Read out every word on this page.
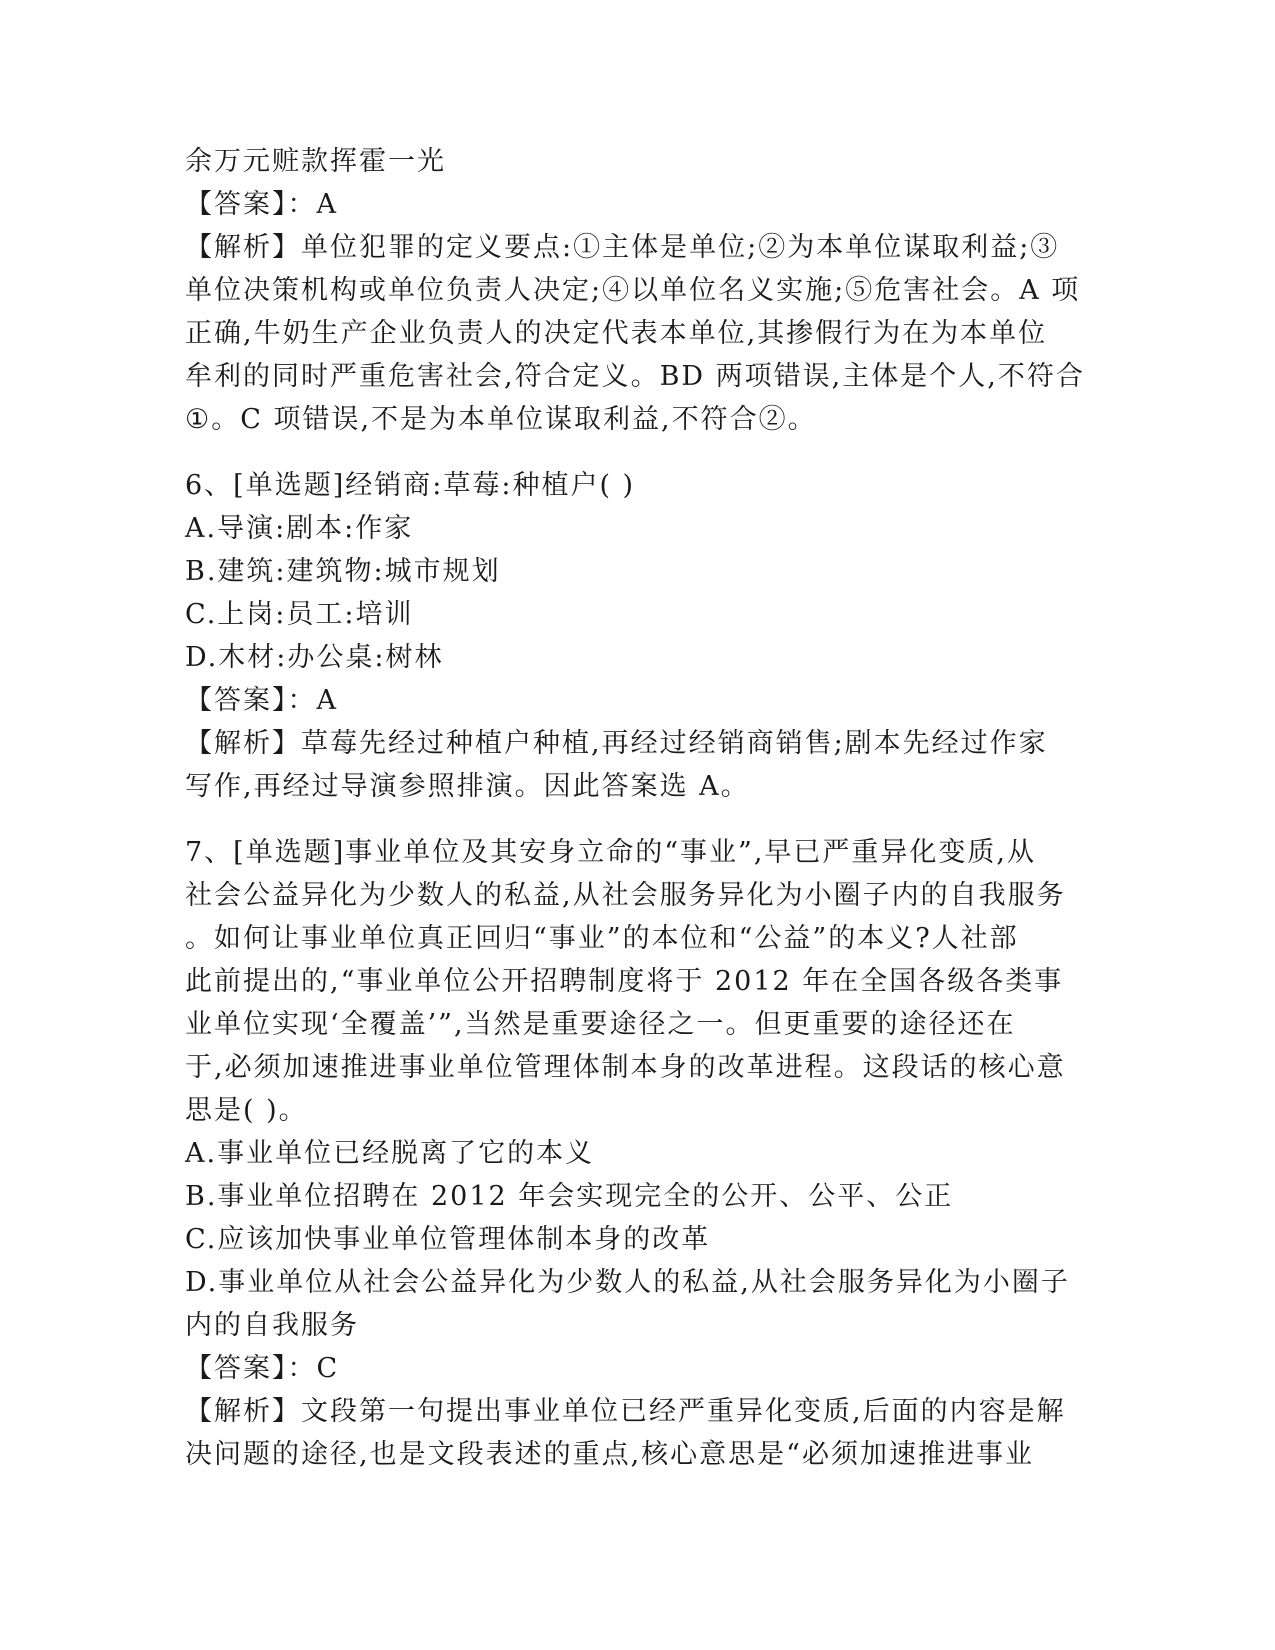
余万元赃款挥霍一光
【答案】：A
【解析】单位犯罪的定义要点:①主体是单位;②为本单位谋取利益;③
单位决策机构或单位负责人决定;④以单位名义实施;⑤危害社会。A 项
正确,牛奶生产企业负责人的决定代表本单位,其掺假行为在为本单位
牟利的同时严重危害社会,符合定义。BD 两项错误,主体是个人,不符合
①。C 项错误,不是为本单位谋取利益,不符合②。
6、[单选题]经销商:草莓:种植户( )
A.导演:剧本:作家
B.建筑:建筑物:城市规划
C.上岗:员工:培训
D.木材:办公桌:树林
【答案】：A
【解析】草莓先经过种植户种植,再经过经销商销售;剧本先经过作家
写作,再经过导演参照排演。因此答案选 A。
7、[单选题]事业单位及其安身立命的“事业”,早已严重异化变质,从
社会公益异化为少数人的私益,从社会服务异化为小圈子内的自我服务
。如何让事业单位真正回归“事业”的本位和“公益”的本义?人社部
此前提出的,“事业单位公开招聘制度将于 2012 年在全国各级各类事
业单位实现‘全覆盖’”,当然是重要途径之一。但更重要的途径还在
于,必须加速推进事业单位管理体制本身的改革进程。这段话的核心意
思是( )。
A.事业单位已经脱离了它的本义
B.事业单位招聘在 2012 年会实现完全的公开、公平、公正
C.应该加快事业单位管理体制本身的改革
D.事业单位从社会公益异化为少数人的私益,从社会服务异化为小圈子
内的自我服务
【答案】：C
【解析】文段第一句提出事业单位已经严重异化变质,后面的内容是解
决问题的途径,也是文段表述的重点,核心意思是“必须加速推进事业
